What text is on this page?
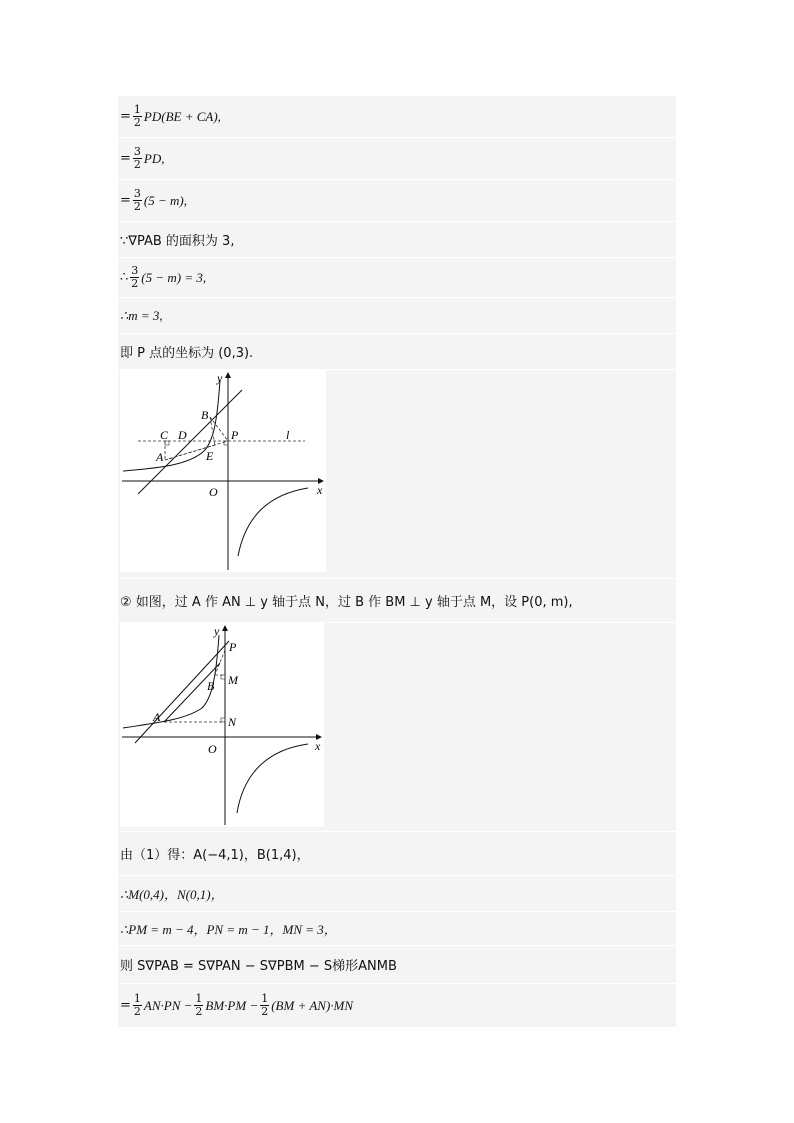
= $\frac{1}{2} PD(BE + CA)$,
= $\frac{3}{2}$ PD,
= $\frac{3}{2} (5 - m)$,
∵∇PAB 的面积为 3,
∴ $\frac{3}{2} (5 - m) = 3$,
∴m = 3,
即 P 点的坐标为 (0,3).
y
x
O
B
C D	P	l
A	E
② 如图，过 A 作 AN ⊥ y 轴于点 N，过 B 作 BM ⊥ y 轴于点 M，设 P(0, m),
y
x
O
P
M
B
A	N
由（1）得：A(−4,1)，B(1,4)，
∴M(0,4)，N(0,1)，
∴PM = m − 4，PN = m − 1，MN = 3，
则 S∇PAB = S∇PAN − S∇PBM − S梯形ANMB
= $\frac{1}{2} AN\cdot PN - \frac{1}{2} BM\cdot PM - \frac{1}{2} (BM + AN)\cdot MN$
